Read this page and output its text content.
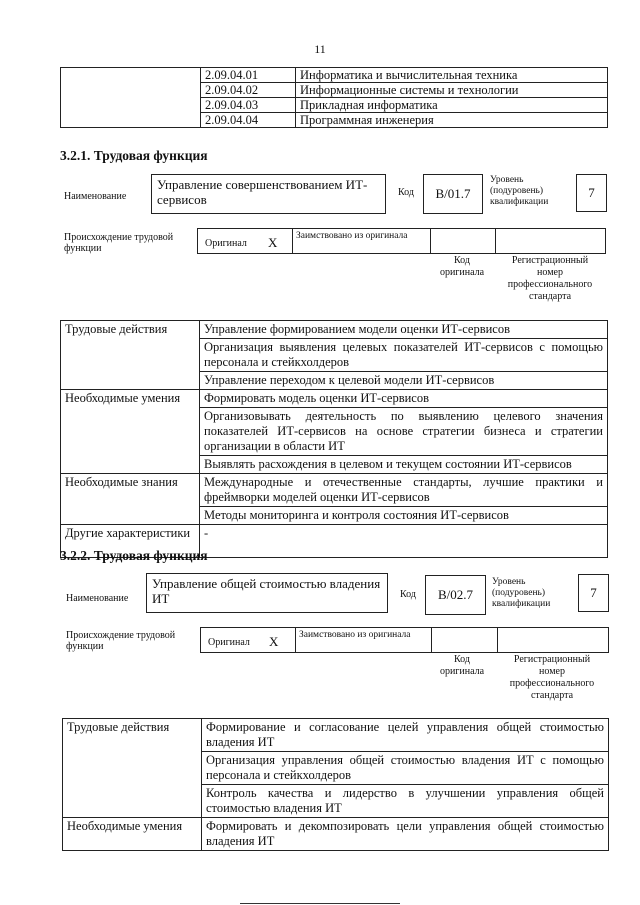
11
	2.09.04.01	Информатика и вычислительная техника
	2.09.04.02	Информационные системы и технологии
	2.09.04.03	Прикладная информатика
	2.09.04.04	Программная инженерия
3.2.1. Трудовая функция
Наименование
Управление совершенствованием ИТ-сервисов	Код	B/01.7
Уровень (подуровень) квалификации
7
Происхождение трудовой функции	Оригинал X Заимствовано из оригинала
Код оригинала
Регистрационный номер профессионального стандарта
Трудовые действия	Управление формированием модели оценки ИТ-сервисов
	Организация выявления целевых показателей ИТ-сервисов с помощью персонала и стейкхолдеров
	Управление переходом к целевой модели ИТ-сервисов
Необходимые умения	Формировать модель оценки ИТ-сервисов
	Организовывать деятельность по выявлению целевого значения показателей ИТ-сервисов на основе стратегии бизнеса и стратегии организации в области ИТ
	Выявлять расхождения в целевом и текущем состоянии ИТ-сервисов
Необходимые знания	Международные и отечественные стандарты, лучшие практики и фреймворки моделей оценки ИТ-сервисов
	Методы мониторинга и контроля состояния ИТ-сервисов
Другие характеристики	-
3.2.2. Трудовая функция
Наименование
Управление общей стоимостью владения ИТ	Код	B/02.7
Уровень (подуровень) квалификации
7
Происхождение трудовой функции	Оригинал X Заимствовано из оригинала
Код оригинала
Регистрационный номер профессионального стандарта
Трудовые действия	Формирование и согласование целей управления общей стоимостью владения ИТ
	Организация управления общей стоимостью владения ИТ с помощью персонала и стейкхолдеров
	Контроль качества и лидерство в улучшении управления общей стоимостью владения ИТ
Необходимые умения	Формировать и декомпозировать цели управления общей стоимостью владения ИТ
